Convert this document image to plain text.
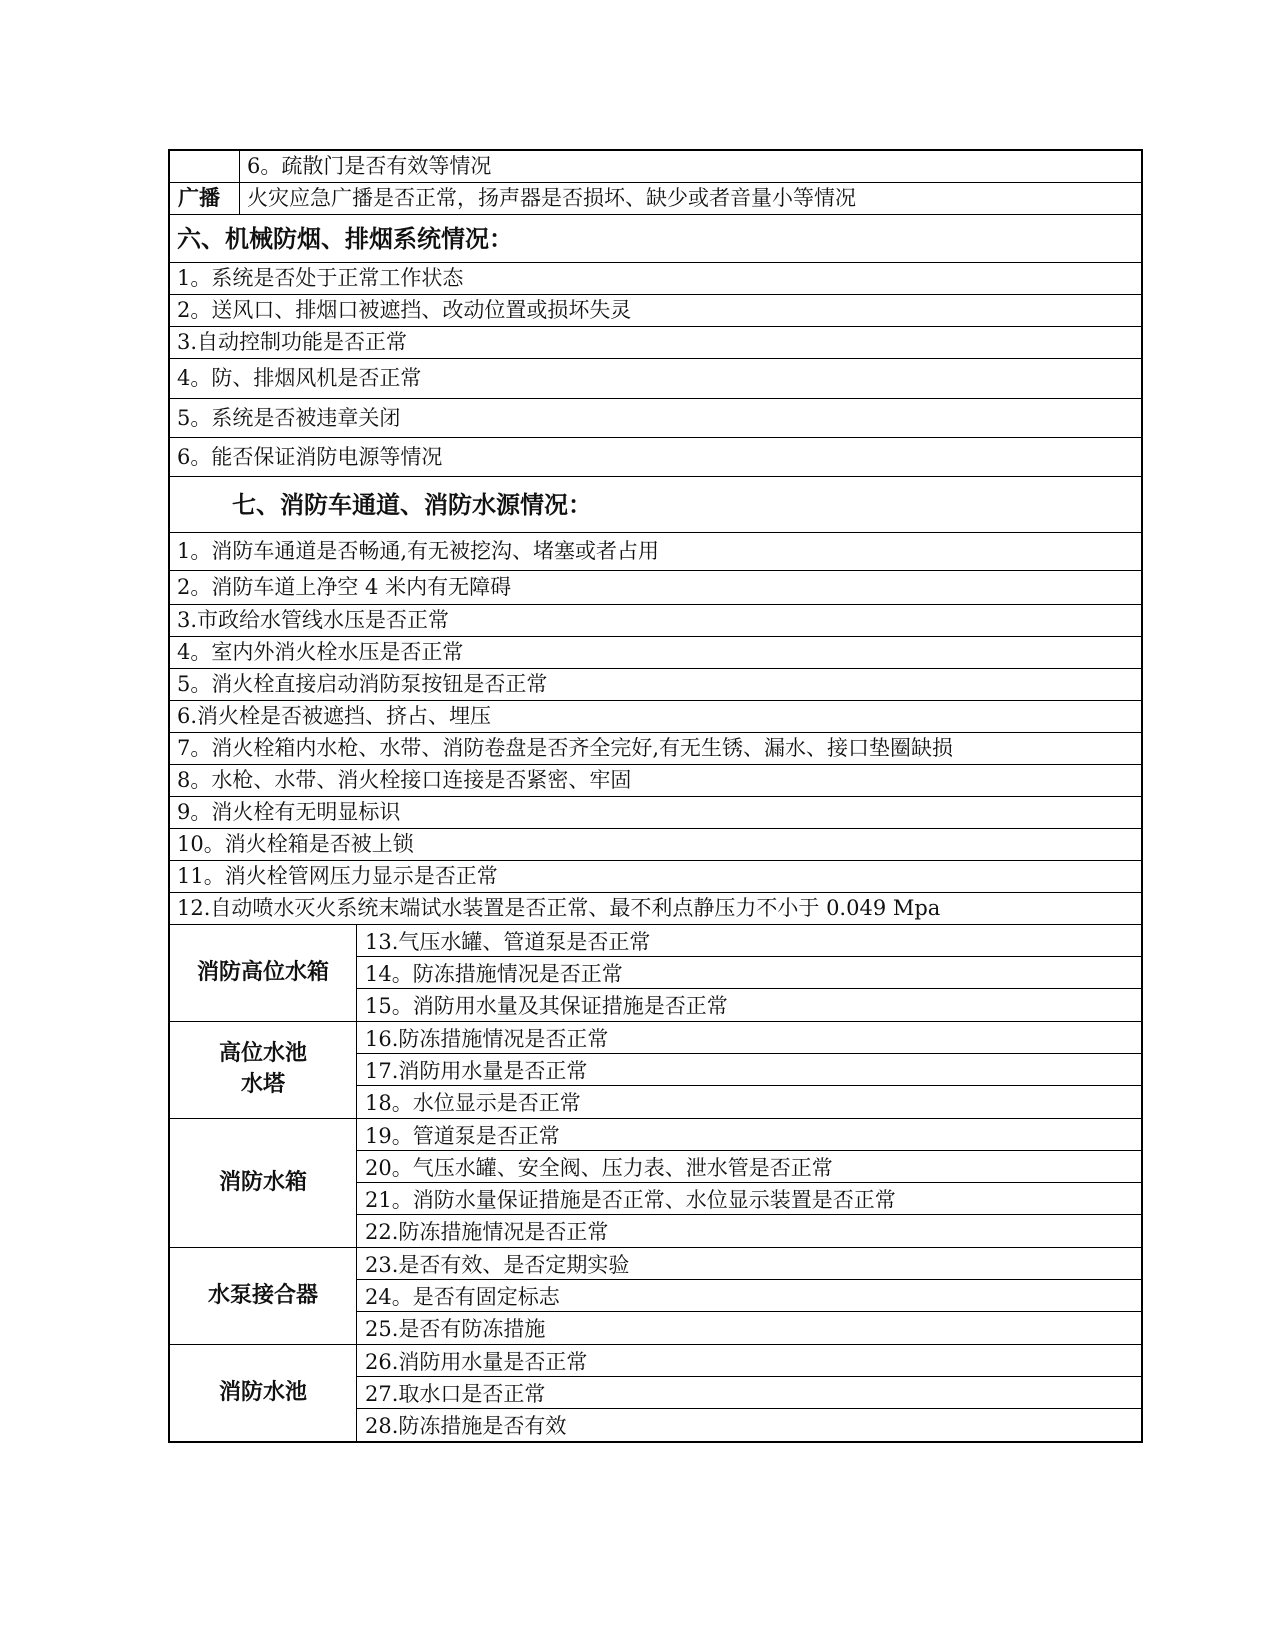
6。疏散门是否有效等情况
广播	火灾应急广播是否正常，扬声器是否损坏、缺少或者音量小等情况
六、机械防烟、排烟系统情况：
1。系统是否处于正常工作状态
2。送风口、排烟口被遮挡、改动位置或损坏失灵
3.自动控制功能是否正常
4。防、排烟风机是否正常
5。系统是否被违章关闭
6。能否保证消防电源等情况
七、消防车通道、消防水源情况：
1。消防车通道是否畅通,有无被挖沟、堵塞或者占用
2。消防车道上净空 4 米内有无障碍
3.市政给水管线水压是否正常
4。室内外消火栓水压是否正常
5。消火栓直接启动消防泵按钮是否正常
6.消火栓是否被遮挡、挤占、埋压
7。消火栓箱内水枪、水带、消防卷盘是否齐全完好,有无生锈、漏水、接口垫圈缺损
8。水枪、水带、消火栓接口连接是否紧密、牢固
9。消火栓有无明显标识
10。消火栓箱是否被上锁
11。消火栓管网压力显示是否正常
12.自动喷水灭火系统末端试水装置是否正常、最不利点静压力不小于 0.049 Mpa
消防高位水箱
13.气压水罐、管道泵是否正常
14。防冻措施情况是否正常
15。消防用水量及其保证措施是否正常
高位水池
水塔
16.防冻措施情况是否正常
17.消防用水量是否正常
18。水位显示是否正常
消防水箱
19。管道泵是否正常
20。气压水罐、安全阀、压力表、泄水管是否正常
21。消防水量保证措施是否正常、水位显示装置是否正常
22.防冻措施情况是否正常
水泵接合器
23.是否有效、是否定期实验
24。是否有固定标志
25.是否有防冻措施
消防水池
26.消防用水量是否正常
27.取水口是否正常
28.防冻措施是否有效
